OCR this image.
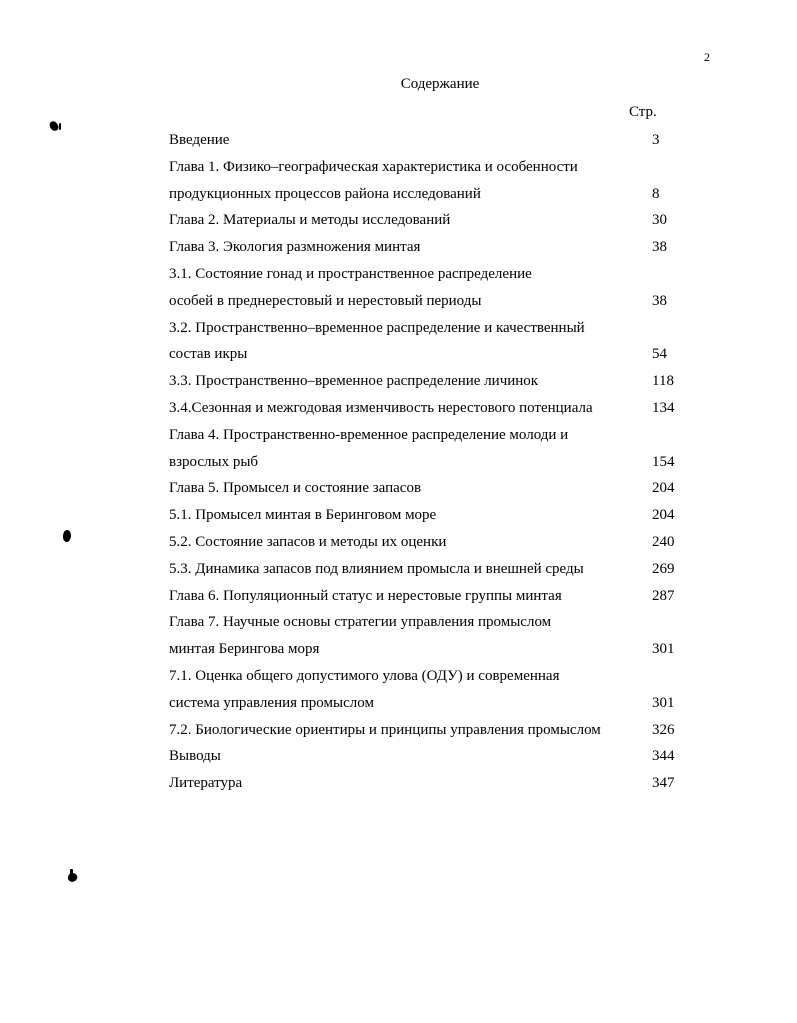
2
Содержание
Стр.
Введение	3
Глава 1. Физико–географическая характеристика и особенности
продукционных процессов района исследований	8
Глава 2. Материалы и методы исследований	30
Глава 3. Экология размножения минтая	38
3.1. Состояние гонад и пространственное распределение
особей в преднерестовый и нерестовый периоды	38
3.2. Пространственно–временное распределение и качественный
состав икры	54
3.3. Пространственно–временное распределение личинок	118
3.4.Сезонная и межгодовая изменчивость нерестового потенциала	134
Глава 4. Пространственно-временное распределение молоди и
взрослых рыб	154
Глава 5. Промысел и состояние запасов	204
5.1. Промысел минтая в Беринговом море	204
5.2. Состояние запасов и методы их оценки	240
5.3. Динамика запасов под влиянием промысла и внешней среды	269
Глава 6. Популяционный статус и нерестовые группы минтая	287
Глава 7. Научные основы стратегии управления промыслом
минтая Берингова моря	301
7.1. Оценка общего допустимого улова (ОДУ) и современная
система управления промыслом	301
7.2. Биологические ориентиры и принципы управления промыслом	326
Выводы	344
Литература	347
